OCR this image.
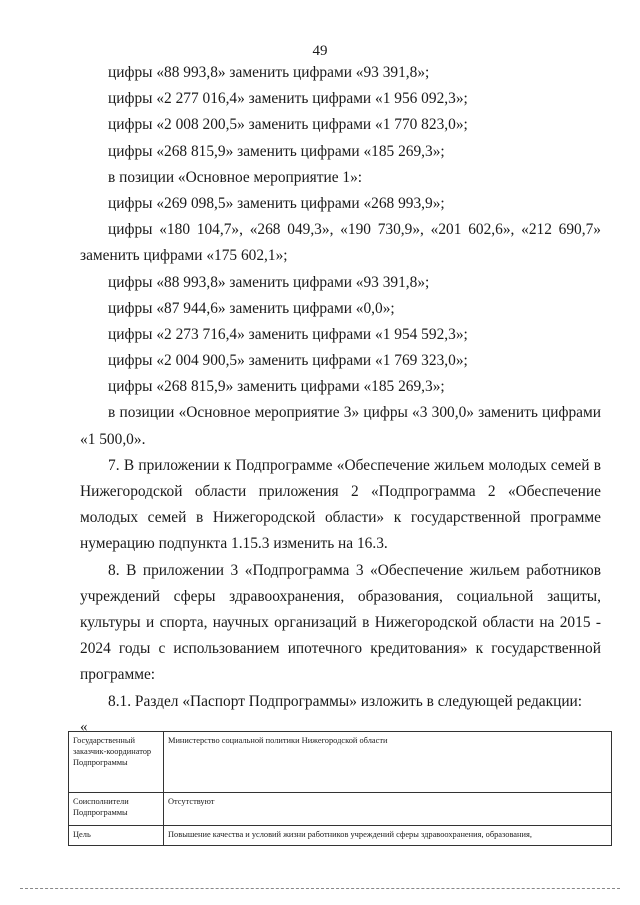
49
цифры «88 993,8» заменить цифрами «93 391,8»;
цифры «2 277 016,4» заменить цифрами «1 956 092,3»;
цифры «2 008 200,5» заменить цифрами «1 770 823,0»;
цифры «268 815,9» заменить цифрами «185 269,3»;
в позиции «Основное мероприятие 1»:
цифры «269 098,5» заменить цифрами «268 993,9»;
цифры «180 104,7», «268 049,3», «190 730,9», «201 602,6», «212 690,7»
заменить цифрами «175 602,1»;
цифры «88 993,8» заменить цифрами «93 391,8»;
цифры «87 944,6» заменить цифрами «0,0»;
цифры «2 273 716,4» заменить цифрами «1 954 592,3»;
цифры «2 004 900,5» заменить цифрами «1 769 323,0»;
цифры «268 815,9» заменить цифрами «185 269,3»;
в позиции «Основное мероприятие 3» цифры «3 300,0» заменить цифрами
«1 500,0».
7. В приложении к Подпрограмме «Обеспечение жильем молодых семей в
Нижегородской области приложения 2 «Подпрограмма 2 «Обеспечение
молодых семей в Нижегородской области» к государственной программе
нумерацию подпункта 1.15.3 изменить на 16.3.
8. В приложении 3 «Подпрограмма 3 «Обеспечение жильем работников
учреждений сферы здравоохранения, образования, социальной защиты,
культуры и спорта, научных организаций в Нижегородской области на 2015 -
2024 годы с использованием ипотечного кредитования» к государственной
программе:
8.1. Раздел «Паспорт Подпрограммы» изложить в следующей редакции:
«
Государственный заказчик-координатор Подпрограммы	Министерство социальной политики Нижегородской области
Соисполнители Подпрограммы	Отсутствуют
Цель	Повышение качества и условий жизни работников учреждений сферы здравоохранения, образования,
